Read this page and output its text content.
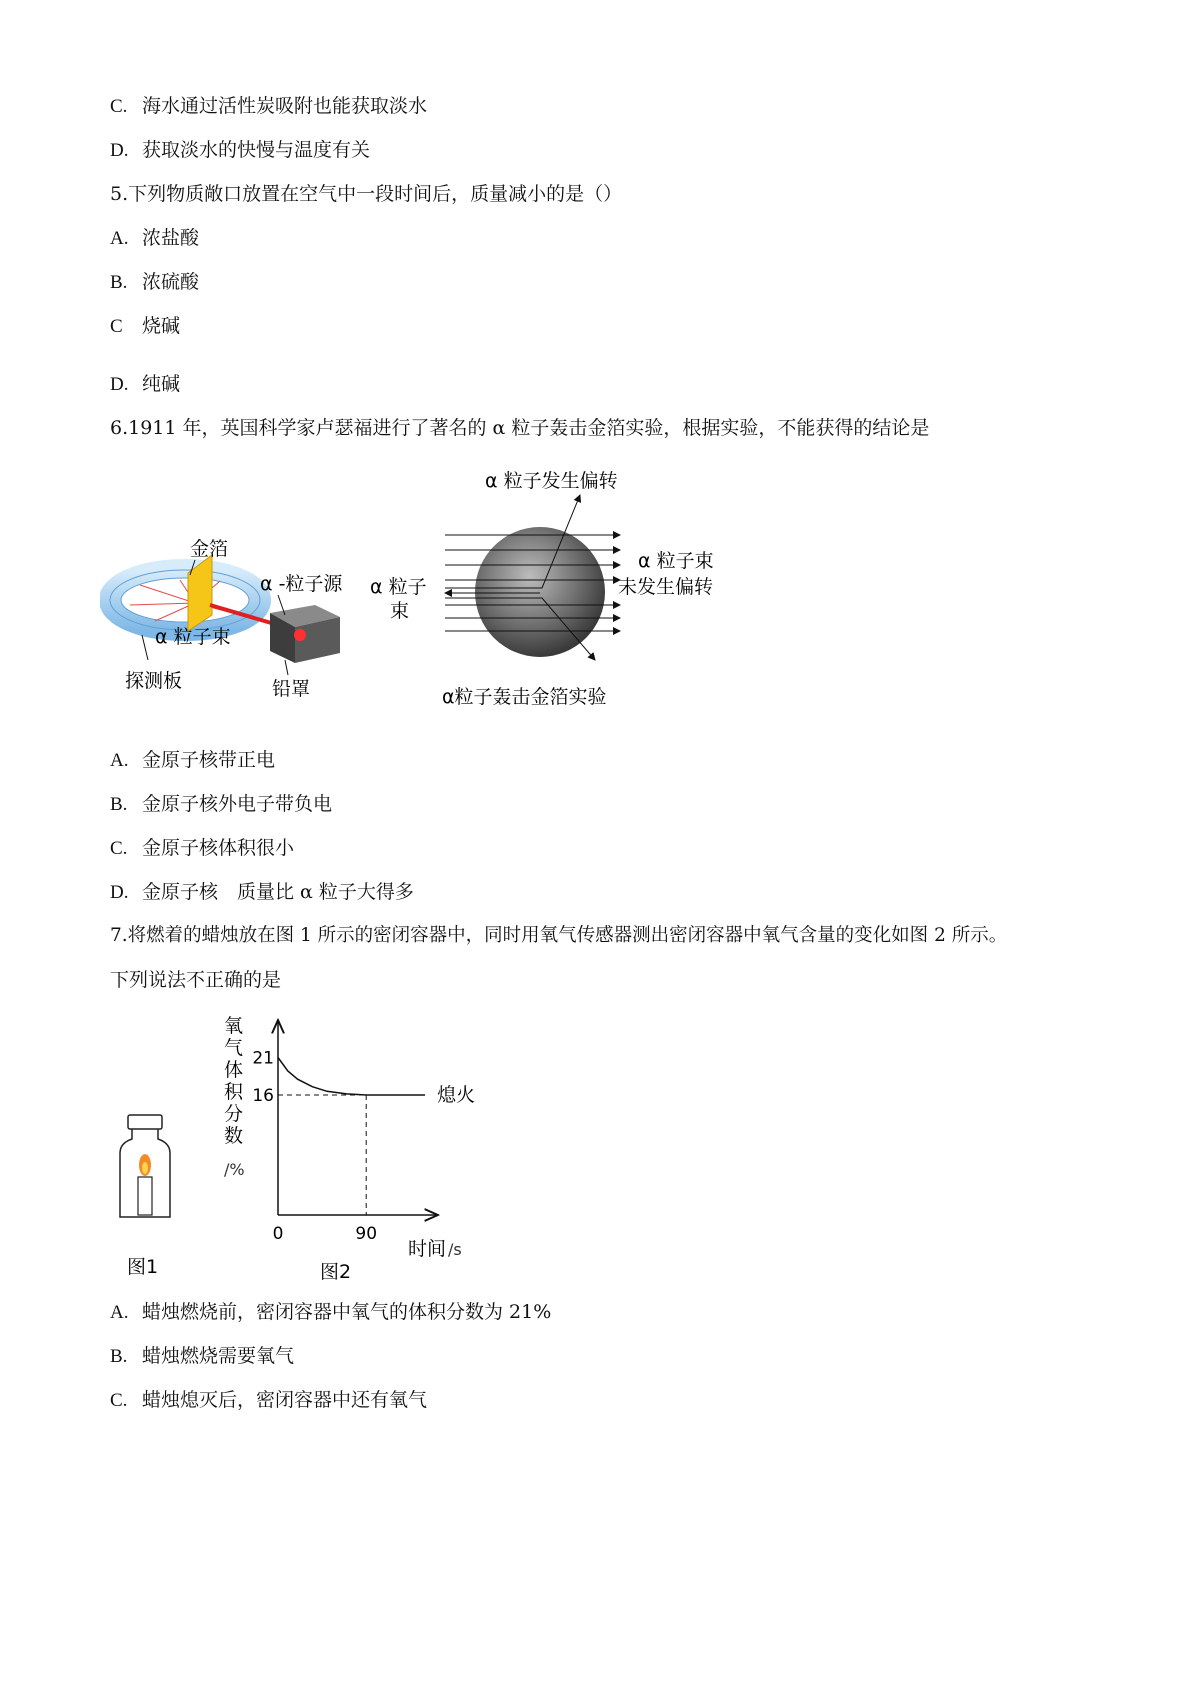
C. 海水通过活性炭吸附也能获取淡水
D. 获取淡水的快慢与温度有关
5.下列物质敞口放置在空气中一段时间后，质量减小的是（）
A. 浓盐酸
B. 浓硫酸
C 烧碱
D. 纯碱
6.1911 年，英国科学家卢瑟福进行了著名的 α 粒子轰击金箔实验，根据实验，不能获得的结论是
金箔
α -粒子源
α 粒子束
探测板	铅罩
α 粒子发生偏转
α 粒子束
未发生偏转
α 粒子
束
α粒子轰击金箔实验
A. 金原子核带正电
B. 金原子核外电子带负电
C. 金原子核体积很小
D. 金原子核　质量比 α 粒子大得多
7.将燃着的蜡烛放在图 1 所示的密闭容器中，同时用氧气传感器测出密闭容器中氧气含量的变化如图 2 所示。
下列说法不正确的是
图1
氧
气
体
积
分
数
/%
21
16
0	90
熄火
时间 /s
图2
A. 蜡烛燃烧前，密闭容器中氧气的体积分数为 21%
B. 蜡烛燃烧需要氧气
C. 蜡烛熄灭后，密闭容器中还有氧气
